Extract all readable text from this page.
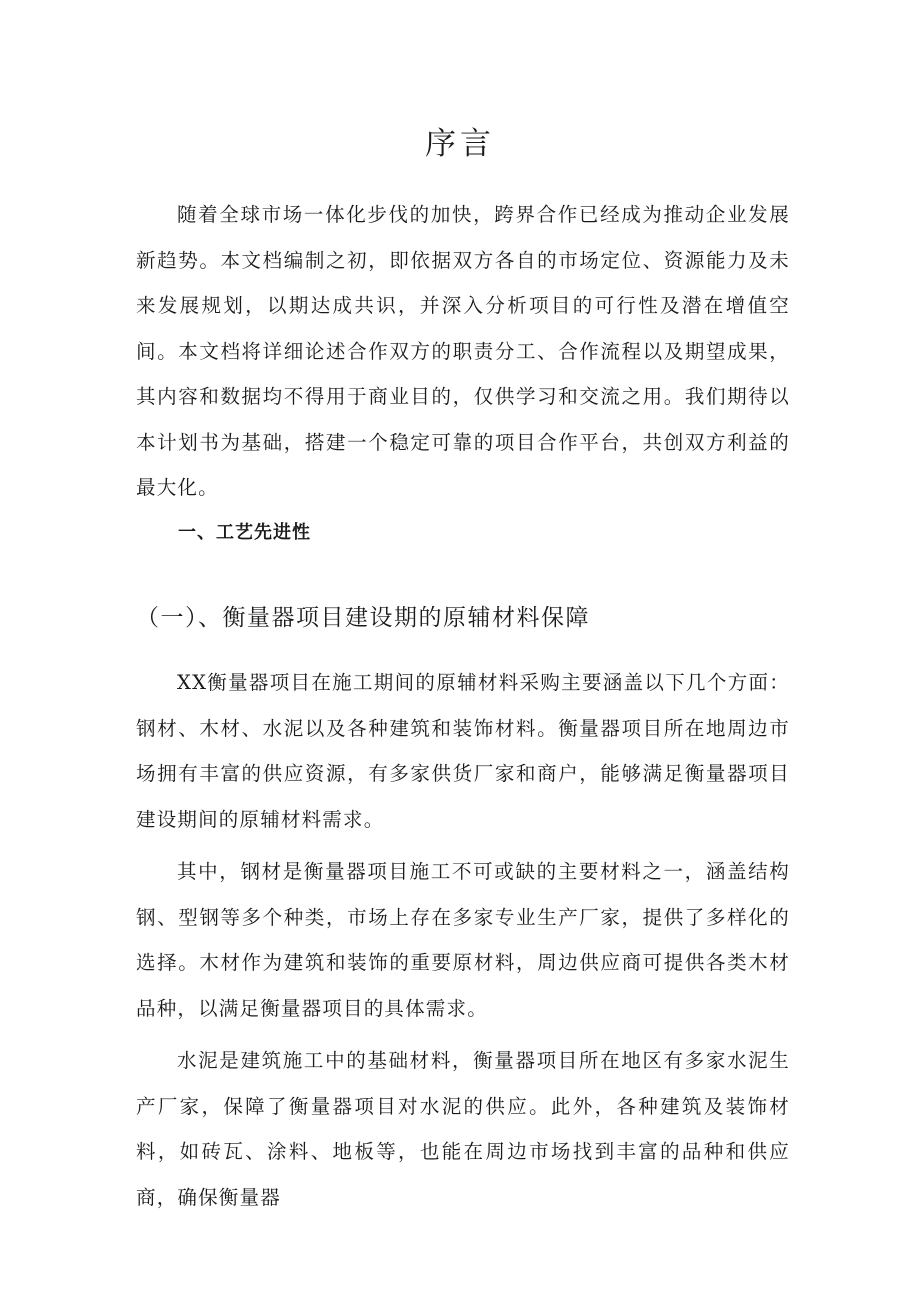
序言

随着全球市场一体化步伐的加快，跨界合作已经成为推动企业发展新趋势。本文档编制之初，即依据双方各自的市场定位、资源能力及未来发展规划，以期达成共识，并深入分析项目的可行性及潜在增值空间。本文档将详细论述合作双方的职责分工、合作流程以及期望成果，其内容和数据均不得用于商业目的，仅供学习和交流之用。我们期待以本计划书为基础，搭建一个稳定可靠的项目合作平台，共创双方利益的最大化。

一、工艺先进性
（一）、衡量器项目建设期的原辅材料保障

XX衡量器项目在施工期间的原辅材料采购主要涵盖以下几个方面：钢材、木材、水泥以及各种建筑和装饰材料。衡量器项目所在地周边市场拥有丰富的供应资源，有多家供货厂家和商户，能够满足衡量器项目建设期间的原辅材料需求。

其中，钢材是衡量器项目施工不可或缺的主要材料之一，涵盖结构钢、型钢等多个种类，市场上存在多家专业生产厂家，提供了多样化的选择。木材作为建筑和装饰的重要原材料，周边供应商可提供各类木材品种，以满足衡量器项目的具体需求。

水泥是建筑施工中的基础材料，衡量器项目所在地区有多家水泥生产厂家，保障了衡量器项目对水泥的供应。此外，各种建筑及装饰材料，如砖瓦、涂料、地板等，也能在周边市场找到丰富的品种和供应商，确保衡量器
